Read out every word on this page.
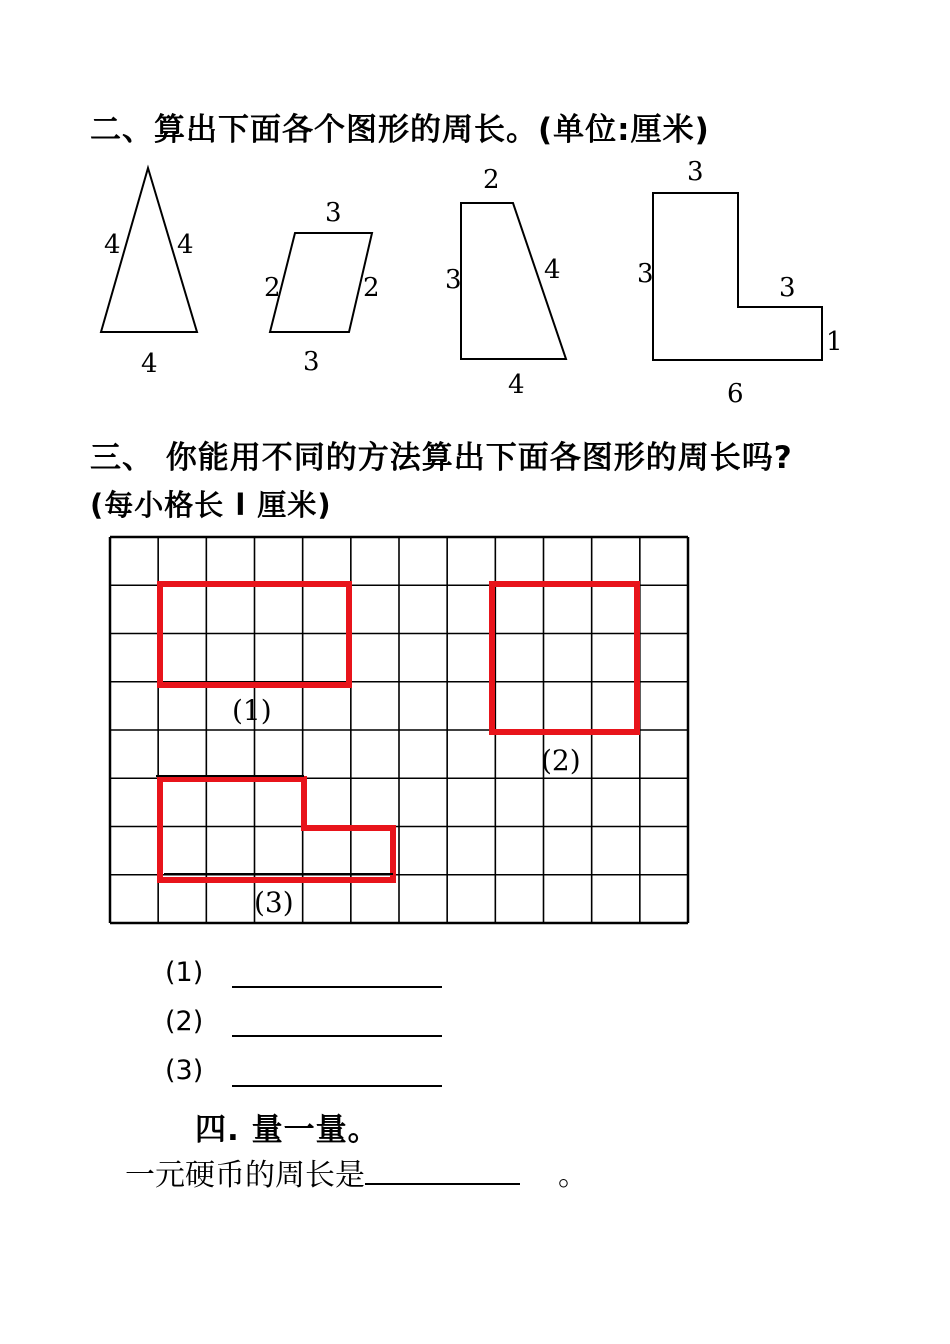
二、算出下面各个图形的周长。(单位:厘米)
4 4
4
3
2	2
3
2
3	4
4
3
3	3
1
6
三、 你能用不同的方法算出下面各图形的周长吗?
(每小格长 l 厘米)
(1)
(2)
(3)
(1)
(2)
(3)
四. 量一量。
一元硬币的周长是	。
